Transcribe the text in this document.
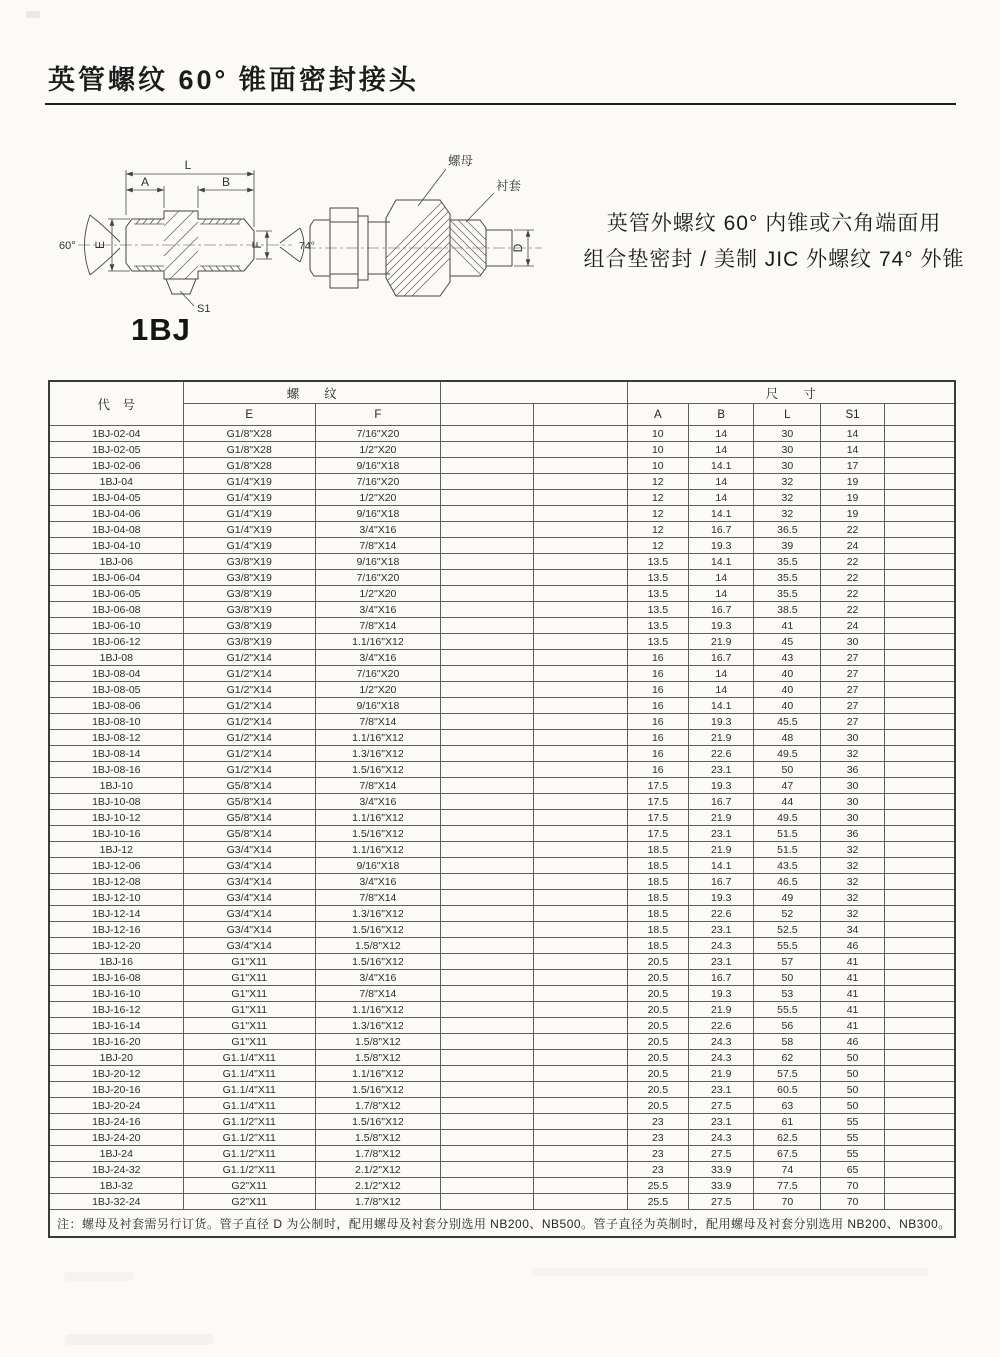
英管螺纹 60° 锥面密封接头
L
A	B
E	F
60°	74°
S1
1BJ
螺母
衬套
D
英管外螺纹 60° 内锥或六角端面用
组合垫密封 / 美制 JIC 外螺纹 74° 外锥
代　号	螺　　纹				尺　　寸				
	E	F			A	B	L	S1	
1BJ-02-04	G1/8"X28	7/16"X20			10	14	30	14	
1BJ-02-05	G1/8"X28	1/2"X20			10	14	30	14	
1BJ-02-06	G1/8"X28	9/16"X18			10	14.1	30	17	
1BJ-04	G1/4"X19	7/16"X20			12	14	32	19	
1BJ-04-05	G1/4"X19	1/2"X20			12	14	32	19	
1BJ-04-06	G1/4"X19	9/16"X18			12	14.1	32	19	
1BJ-04-08	G1/4"X19	3/4"X16			12	16.7	36.5	22	
1BJ-04-10	G1/4"X19	7/8"X14			12	19.3	39	24	
1BJ-06	G3/8"X19	9/16"X18			13.5	14.1	35.5	22	
1BJ-06-04	G3/8"X19	7/16"X20			13.5	14	35.5	22	
1BJ-06-05	G3/8"X19	1/2"X20			13.5	14	35.5	22	
1BJ-06-08	G3/8"X19	3/4"X16			13.5	16.7	38.5	22	
1BJ-06-10	G3/8"X19	7/8"X14			13.5	19.3	41	24	
1BJ-06-12	G3/8"X19	1.1/16"X12			13.5	21.9	45	30	
1BJ-08	G1/2"X14	3/4"X16			16	16.7	43	27	
1BJ-08-04	G1/2"X14	7/16"X20			16	14	40	27	
1BJ-08-05	G1/2"X14	1/2"X20			16	14	40	27	
1BJ-08-06	G1/2"X14	9/16"X18			16	14.1	40	27	
1BJ-08-10	G1/2"X14	7/8"X14			16	19.3	45.5	27	
1BJ-08-12	G1/2"X14	1.1/16"X12			16	21.9	48	30	
1BJ-08-14	G1/2"X14	1.3/16"X12			16	22.6	49.5	32	
1BJ-08-16	G1/2"X14	1.5/16"X12			16	23.1	50	36	
1BJ-10	G5/8"X14	7/8"X14			17.5	19.3	47	30	
1BJ-10-08	G5/8"X14	3/4"X16			17.5	16.7	44	30	
1BJ-10-12	G5/8"X14	1.1/16"X12			17.5	21.9	49.5	30	
1BJ-10-16	G5/8"X14	1.5/16"X12			17.5	23.1	51.5	36	
1BJ-12	G3/4"X14	1.1/16"X12			18.5	21.9	51.5	32	
1BJ-12-06	G3/4"X14	9/16"X18			18.5	14.1	43.5	32	
1BJ-12-08	G3/4"X14	3/4"X16			18.5	16.7	46.5	32	
1BJ-12-10	G3/4"X14	7/8"X14			18.5	19.3	49	32	
1BJ-12-14	G3/4"X14	1.3/16"X12			18.5	22.6	52	32	
1BJ-12-16	G3/4"X14	1.5/16"X12			18.5	23.1	52.5	34	
1BJ-12-20	G3/4"X14	1.5/8"X12			18.5	24.3	55.5	46	
1BJ-16	G1"X11	1.5/16"X12			20.5	23.1	57	41	
1BJ-16-08	G1"X11	3/4"X16			20.5	16.7	50	41	
1BJ-16-10	G1"X11	7/8"X14			20.5	19.3	53	41	
1BJ-16-12	G1"X11	1.1/16"X12			20.5	21.9	55.5	41	
1BJ-16-14	G1"X11	1.3/16"X12			20.5	22.6	56	41	
1BJ-16-20	G1"X11	1.5/8"X12			20.5	24.3	58	46	
1BJ-20	G1.1/4"X11	1.5/8"X12			20.5	24.3	62	50	
1BJ-20-12	G1.1/4"X11	1.1/16"X12			20.5	21.9	57.5	50	
1BJ-20-16	G1.1/4"X11	1.5/16"X12			20.5	23.1	60.5	50	
1BJ-20-24	G1.1/4"X11	1.7/8"X12			20.5	27.5	63	50	
1BJ-24-16	G1.1/2"X11	1.5/16"X12			23	23.1	61	55	
1BJ-24-20	G1.1/2"X11	1.5/8"X12			23	24.3	62.5	55	
1BJ-24	G1.1/2"X11	1.7/8"X12			23	27.5	67.5	55	
1BJ-24-32	G1.1/2"X11	2.1/2"X12			23	33.9	74	65	
1BJ-32	G2"X11	2.1/2"X12			25.5	33.9	77.5	70	
1BJ-32-24	G2"X11	1.7/8"X12			25.5	27.5	70	70	
注：螺母及衬套需另行订货。管子直径 D 为公制时，配用螺母及衬套分别选用 NB200、NB500。管子直径为英制时，配用螺母及衬套分别选用 NB200、NB300。									
